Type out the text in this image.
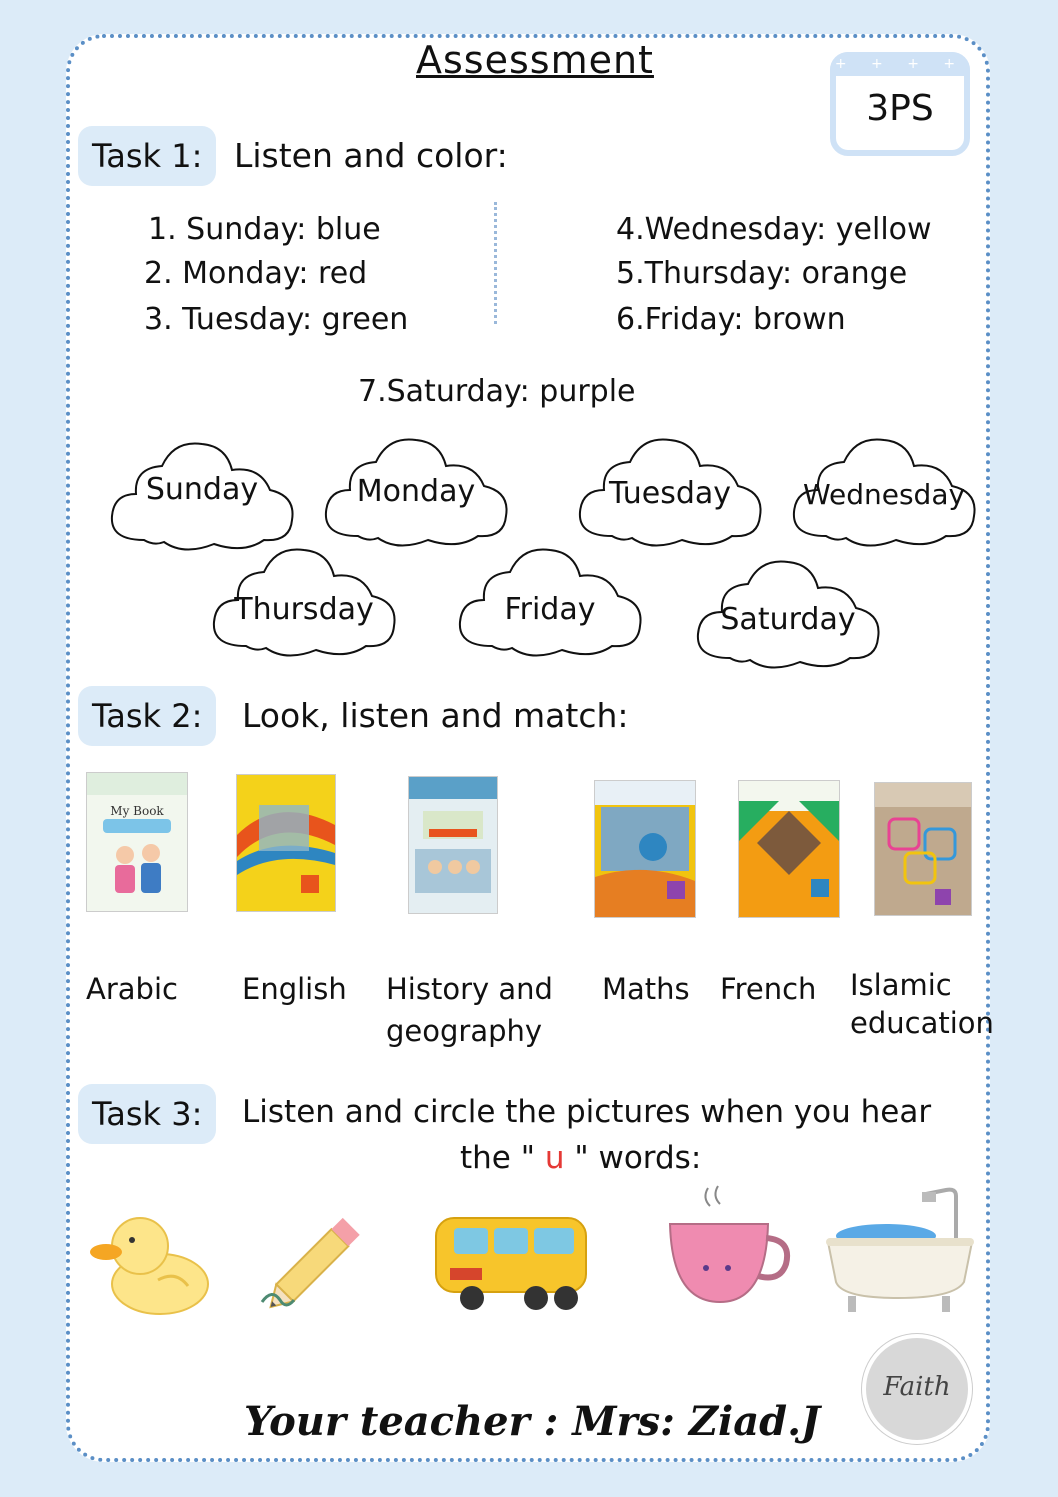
Assessment	+ + + +
3PS
Task 1: Listen and color:
1. Sunday: blue
2. Monday: red
3. Tuesday: green
4.Wednesday: yellow
5.Thursday: orange
6.Friday: brown
7.Saturday: purple
Sunday	Monday	Tuesday	Wednesday
Thursday	Friday	Saturday
Task 2:	Look, listen and match:
My Book
Arabic English History and
geography
Maths French Islamic
education
Task 3:	Listen and circle the pictures when you hear
the " u " words:
Faith
Your teacher : Mrs: Ziad.J
